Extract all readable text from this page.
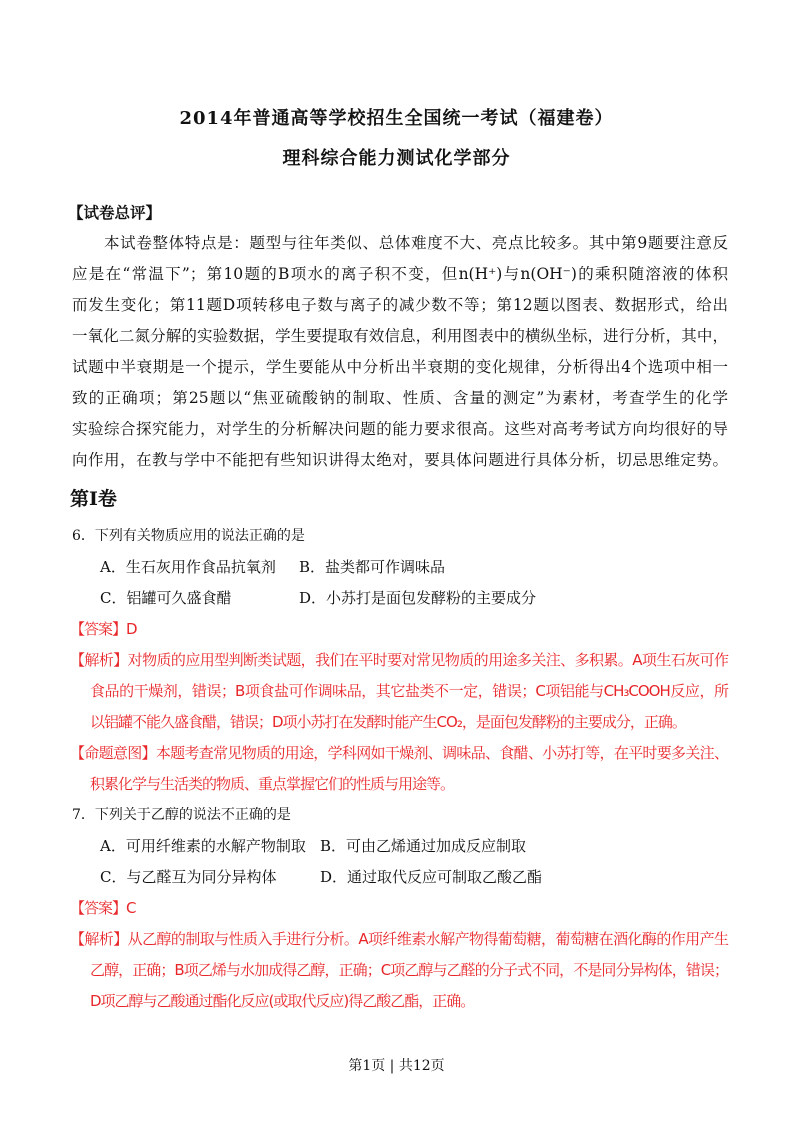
2014年普通高等学校招生全国统一考试（福建卷）
理科综合能力测试化学部分
【试卷总评】
本试卷整体特点是：题型与往年类似、总体难度不大、亮点比较多。其中第9题要注意反
应是在“常温下”；第10题的B项水的离子积不变，但n(H⁺)与n(OH⁻)的乘积随溶液的体积
而发生变化；第11题D项转移电子数与离子的减少数不等；第12题以图表、数据形式，给出
一氧化二氮分解的实验数据，学生要提取有效信息，利用图表中的横纵坐标，进行分析，其中，
试题中半衰期是一个提示，学生要能从中分析出半衰期的变化规律，分析得出4个选项中相一
致的正确项；第25题以“焦亚硫酸钠的制取、性质、含量的测定”为素材，考查学生的化学
实验综合探究能力，对学生的分析解决问题的能力要求很高。这些对高考考试方向均很好的导
向作用，在教与学中不能把有些知识讲得太绝对，要具体问题进行具体分析，切忌思维定势。
第I卷
6．下列有关物质应用的说法正确的是
A．生石灰用作食品抗氧剂	B．盐类都可作调味品
C．铝罐可久盛食醋	D．小苏打是面包发酵粉的主要成分
【答案】D
【解析】对物质的应用型判断类试题，我们在平时要对常见物质的用途多关注、多积累。A项生石灰可作
食品的干燥剂，错误；B项食盐可作调味品，其它盐类不一定，错误；C项铝能与CH₃COOH反应，所
以铝罐不能久盛食醋，错误；D项小苏打在发酵时能产生CO₂，是面包发酵粉的主要成分，正确。
【命题意图】本题考查常见物质的用途，学科网如干燥剂、调味品、食醋、小苏打等，在平时要多关注、
积累化学与生活类的物质、重点掌握它们的性质与用途等。
7．下列关于乙醇的说法不正确的是
A．可用纤维素的水解产物制取 B．可由乙烯通过加成反应制取
C．与乙醛互为同分异构体	D．通过取代反应可制取乙酸乙酯
【答案】C
【解析】从乙醇的制取与性质入手进行分析。A项纤维素水解产物得葡萄糖，葡萄糖在酒化酶的作用产生
乙醇，正确；B项乙烯与水加成得乙醇，正确；C项乙醇与乙醛的分子式不同，不是同分异构体，错误；
D项乙醇与乙酸通过酯化反应(或取代反应)得乙酸乙酯，正确。
第1页 | 共12页
